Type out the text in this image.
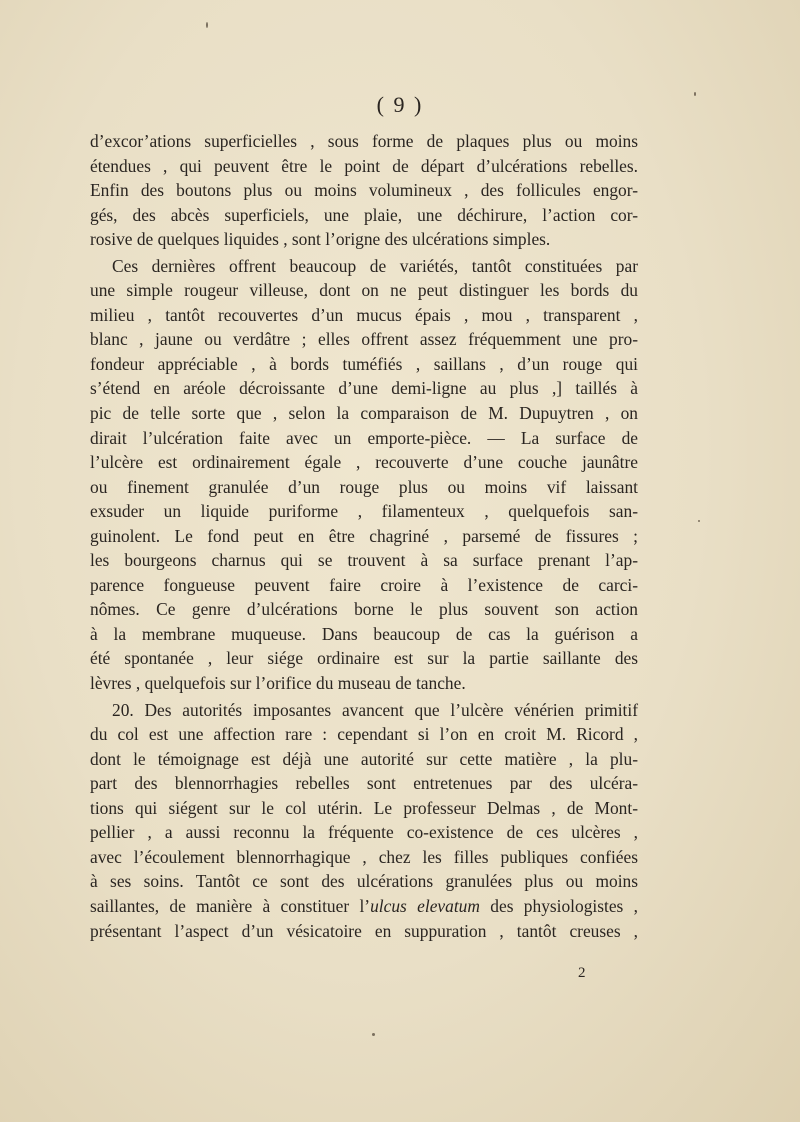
( 9 )
d’excor’ations superficielles , sous forme de plaques plus ou moins
étendues , qui peuvent être le point de départ d’ulcérations rebelles.
Enfin des boutons plus ou moins volumineux , des follicules engor-
gés, des abcès superficiels, une plaie, une déchirure, l’action cor-
rosive de quelques liquides , sont l’origne des ulcérations simples.
Ces dernières offrent beaucoup de variétés, tantôt constituées par
une simple rougeur villeuse, dont on ne peut distinguer les bords du
milieu , tantôt recouvertes d’un mucus épais , mou , transparent ,
blanc , jaune ou verdâtre ; elles offrent assez fréquemment une pro-
fondeur appréciable , à bords tuméfiés , saillans , d’un rouge qui
s’étend en aréole décroissante d’une demi-ligne au plus ,] taillés à
pic de telle sorte que , selon la comparaison de M. Dupuytren , on
dirait l’ulcération faite avec un emporte-pièce. — La surface de
l’ulcère est ordinairement égale , recouverte d’une couche jaunâtre
ou finement granulée d’un rouge plus ou moins vif laissant
exsuder un liquide puriforme , filamenteux , quelquefois san-
guinolent. Le fond peut en être chagriné , parsemé de fissures ;
les bourgeons charnus qui se trouvent à sa surface prenant l’ap-
parence fongueuse peuvent faire croire à l’existence de carci-
nômes. Ce genre d’ulcérations borne le plus souvent son action
à la membrane muqueuse. Dans beaucoup de cas la guérison a
été spontanée , leur siége ordinaire est sur la partie saillante des
lèvres , quelquefois sur l’orifice du museau de tanche.
20. Des autorités imposantes avancent que l’ulcère vénérien primitif
du col est une affection rare : cependant si l’on en croit M. Ricord ,
dont le témoignage est déjà une autorité sur cette matière , la plu-
part des blennorrhagies rebelles sont entretenues par des ulcéra-
tions qui siégent sur le col utérin. Le professeur Delmas , de Mont-
pellier , a aussi reconnu la fréquente co-existence de ces ulcères ,
avec l’écoulement blennorrhagique , chez les filles publiques confiées
à ses soins. Tantôt ce sont des ulcérations granulées plus ou moins
saillantes, de manière à constituer l’ulcus elevatum des physiologistes ,
présentant l’aspect d’un vésicatoire en suppuration , tantôt creuses ,
2
